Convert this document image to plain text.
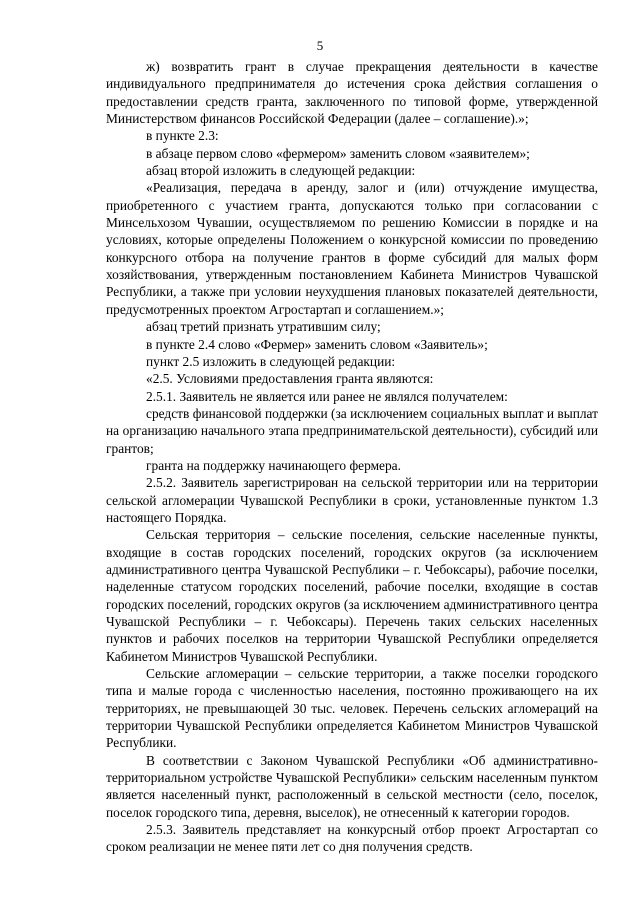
5

ж) возвратить грант в случае прекращения деятельности в качестве индивидуального предпринимателя до истечения срока действия соглашения о предоставлении средств гранта, заключенного по типовой форме, утвержденной Министерством финансов Российской Федерации (далее – соглашение).»;

в пункте 2.3:

в абзаце первом слово «фермером» заменить словом «заявителем»;

абзац второй изложить в следующей редакции:

«Реализация, передача в аренду, залог и (или) отчуждение имущества, приобретенного с участием гранта, допускаются только при согласовании с Минсельхозом Чувашии, осуществляемом по решению Комиссии в порядке и на условиях, которые определены Положением о конкурсной комиссии по проведению конкурсного отбора на получение грантов в форме субсидий для малых форм хозяйствования, утвержденным постановлением Кабинета Министров Чувашской Республики, а также при условии неухудшения плановых показателей деятельности, предусмотренных проектом Агростартап и соглашением.»;

абзац третий признать утратившим силу;

в пункте 2.4 слово «Фермер» заменить словом «Заявитель»;

пункт 2.5 изложить в следующей редакции:

«2.5. Условиями предоставления гранта являются:

2.5.1. Заявитель не является или ранее не являлся получателем:

средств финансовой поддержки (за исключением социальных выплат и выплат на организацию начального этапа предпринимательской деятельности), субсидий или грантов;

гранта на поддержку начинающего фермера.

2.5.2. Заявитель зарегистрирован на сельской территории или на территории сельской агломерации Чувашской Республики в сроки, установленные пунктом 1.3 настоящего Порядка.

Сельская территория – сельские поселения, сельские населенные пункты, входящие в состав городских поселений, городских округов (за исключением административного центра Чувашской Республики – г. Чебоксары), рабочие поселки, наделенные статусом городских поселений, рабочие поселки, входящие в состав городских поселений, городских округов (за исключением административного центра Чувашской Республики – г. Чебоксары). Перечень таких сельских населенных пунктов и рабочих поселков на территории Чувашской Республики определяется Кабинетом Министров Чувашской Республики.

Сельские агломерации – сельские территории, а также поселки городского типа и малые города с численностью населения, постоянно проживающего на их территориях, не превышающей 30 тыс. человек. Перечень сельских агломераций на территории Чувашской Республики определяется Кабинетом Министров Чувашской Республики.

В соответствии с Законом Чувашской Республики «Об административно-территориальном устройстве Чувашской Республики» сельским населенным пунктом является населенный пункт, расположенный в сельской местности (село, поселок, поселок городского типа, деревня, выселок), не отнесенный к категории городов.

2.5.3. Заявитель представляет на конкурсный отбор проект Агростартап со сроком реализации не менее пяти лет со дня получения средств.
